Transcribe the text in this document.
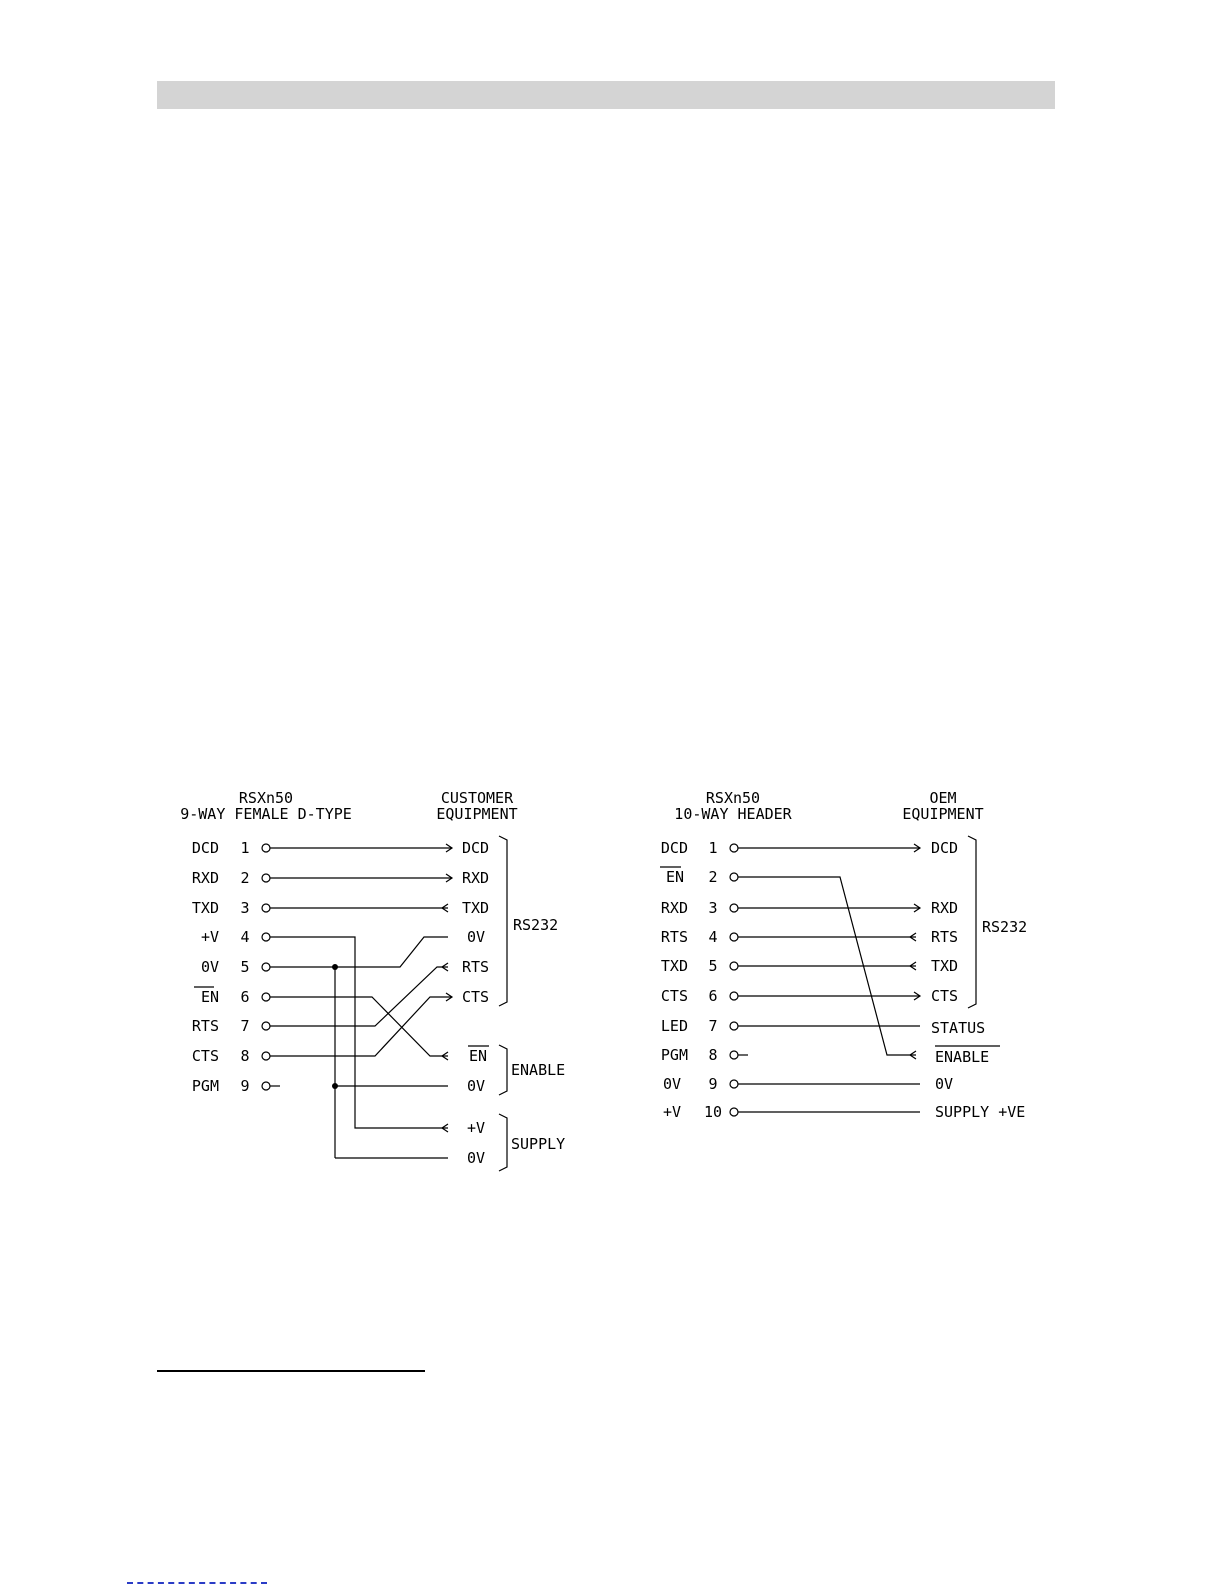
RSXn50
9-WAY FEMALE D-TYPE
CUSTOMER
EQUIPMENT
DCD
RXD
TXD
+V
0V
EN
RTS
CTS
PGM
1
2
3
4
5
6
7
8
9
DCD
RXD
TXD
0V
RTS
CTS
EN
0V
+V
0V
RS232
ENABLE
SUPPLY
RSXn50
10-WAY HEADER
OEM
EQUIPMENT
DCD
EN
RXD
RTS
TXD
CTS
LED
PGM
0V
+V
1
2
3
4
5
6
7
8
9
10
DCD
RXD
RTS
TXD
CTS
STATUS
ENABLE
0V
SUPPLY +VE
RS232
